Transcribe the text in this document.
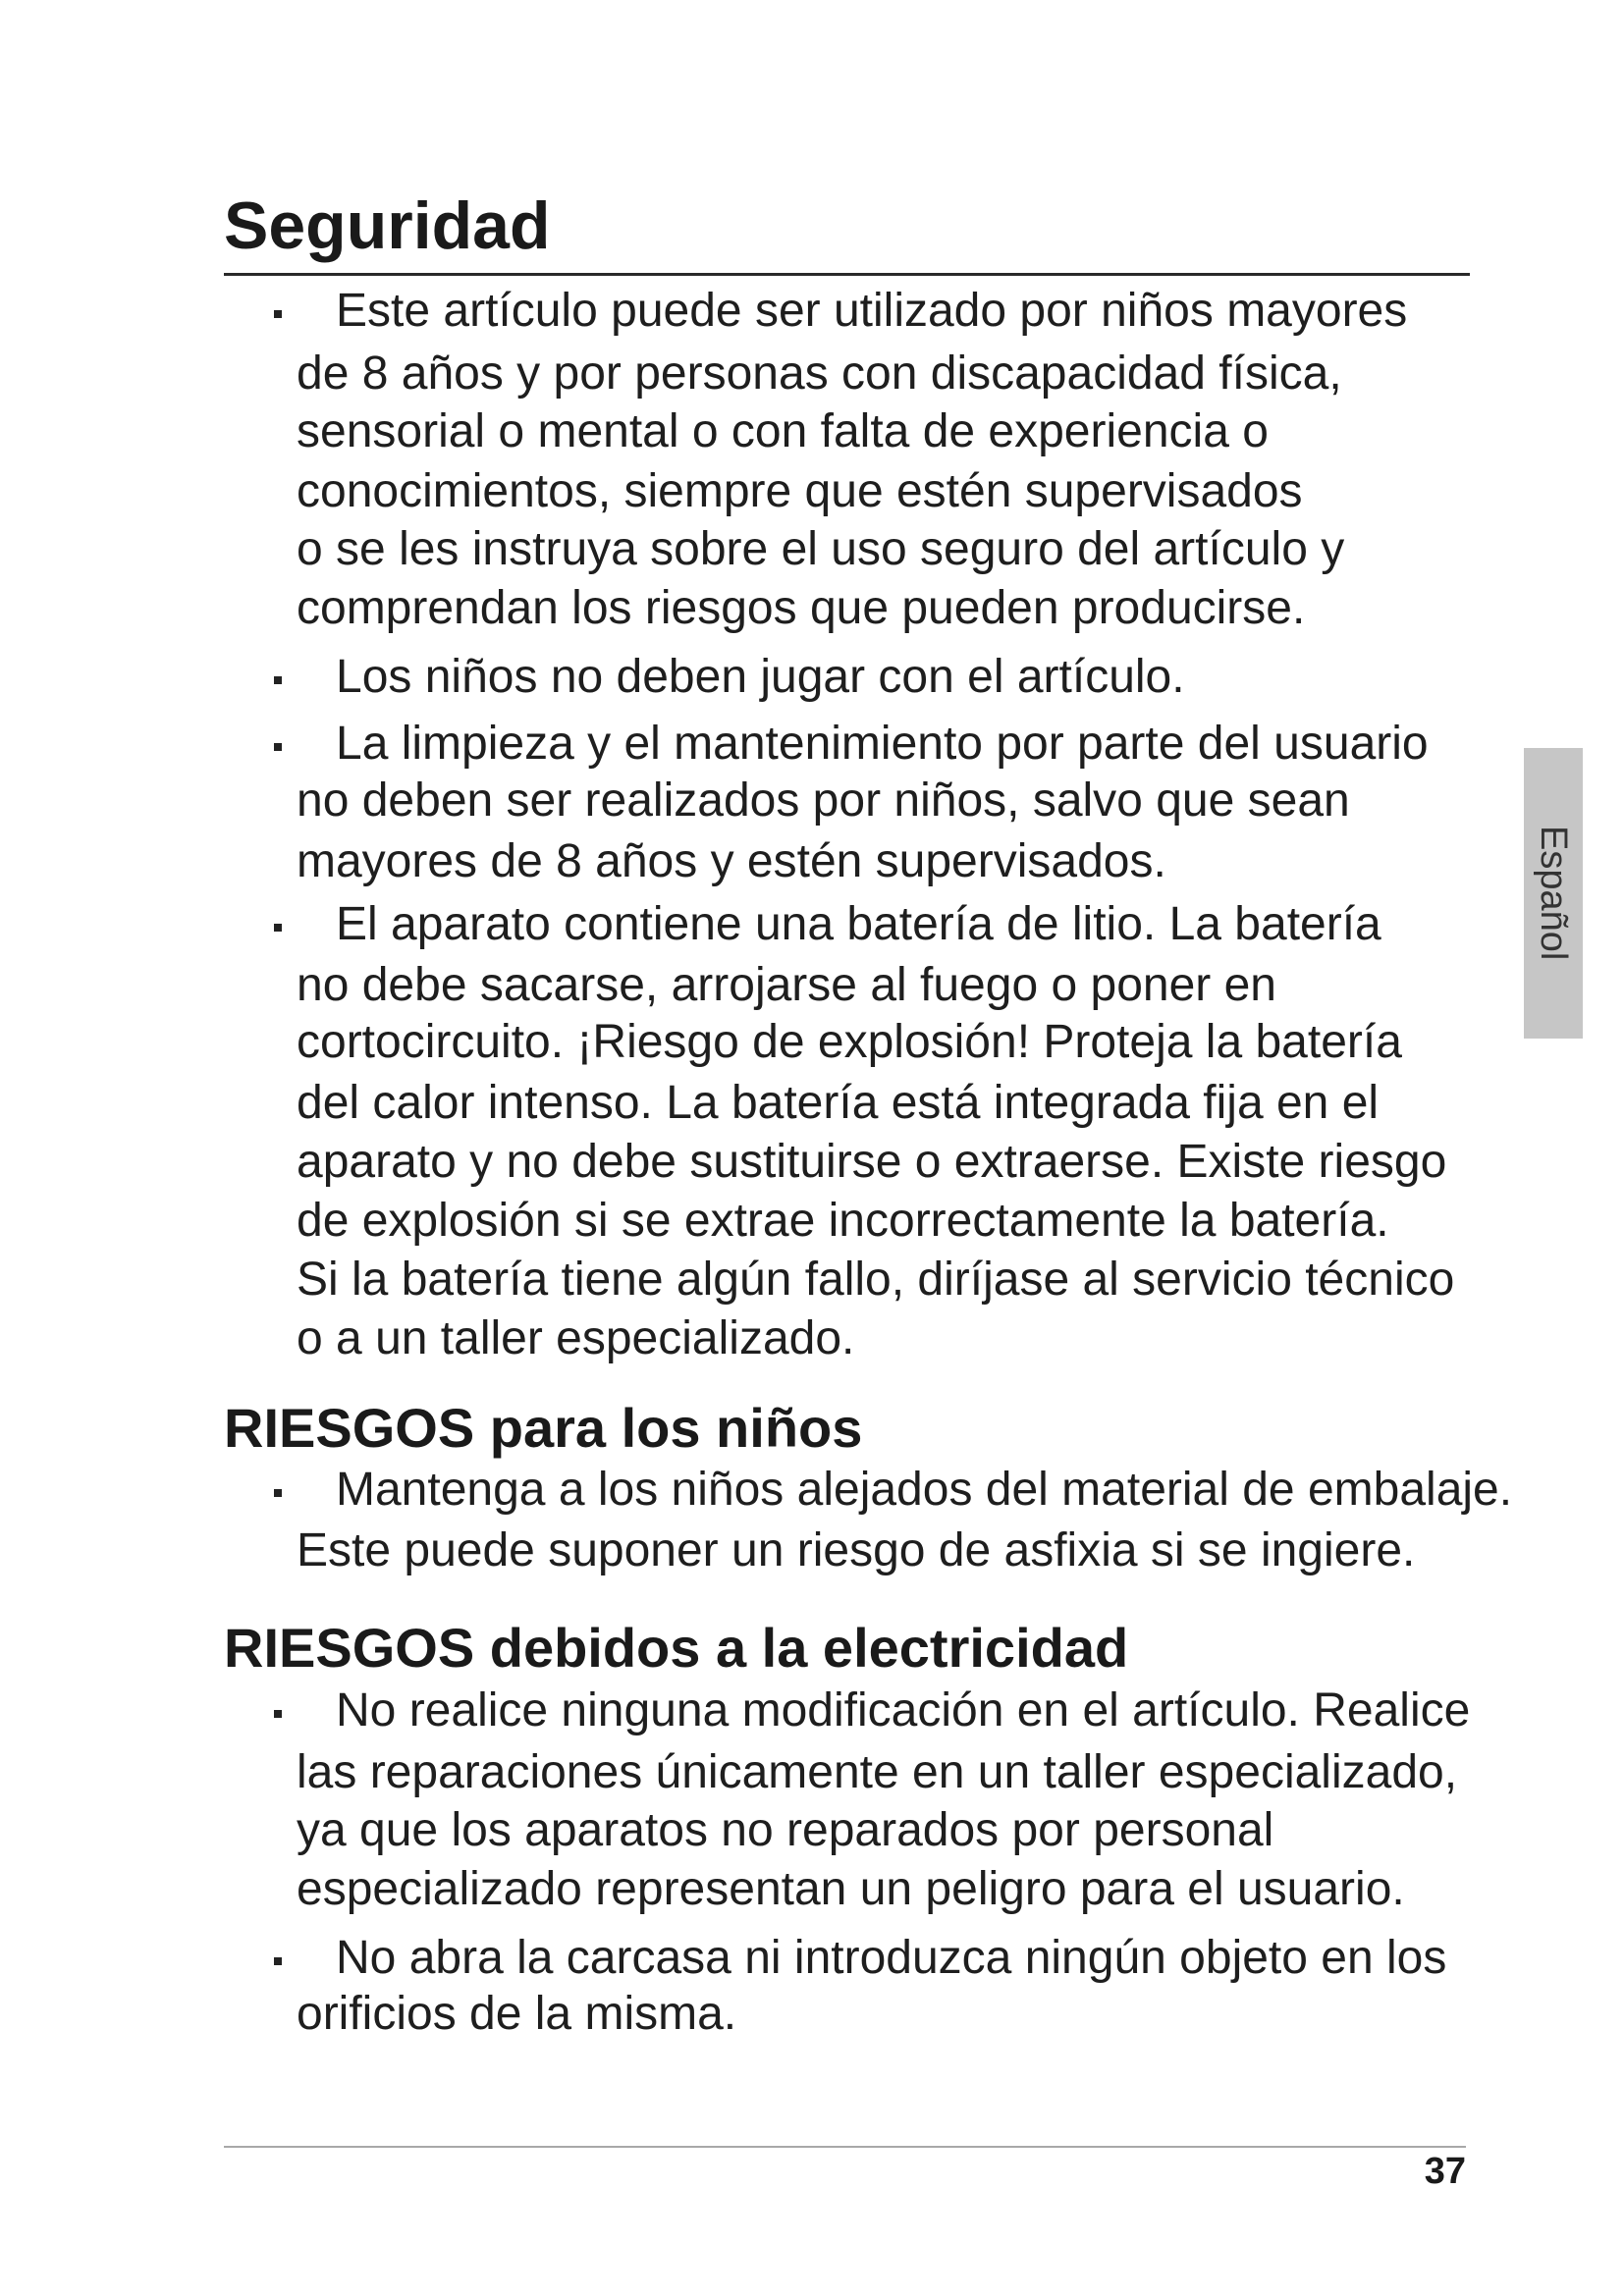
Seguridad
Este artículo puede ser utilizado por niños mayores
de 8 años y por personas con discapacidad física,
sensorial o mental o con falta de experiencia o
conocimientos, siempre que estén supervisados
o se les instruya sobre el uso seguro del artículo y
comprendan los riesgos que pueden producirse.
Los niños no deben jugar con el artículo.
La limpieza y el mantenimiento por parte del usuario
no deben ser realizados por niños, salvo que sean
mayores de 8 años y estén supervisados.
El aparato contiene una batería de litio. La batería
no debe sacarse, arrojarse al fuego o poner en
cortocircuito. ¡Riesgo de explosión! Proteja la batería
del calor intenso. La batería está integrada fija en el
aparato y no debe sustituirse o extraerse. Existe riesgo
de explosión si se extrae incorrectamente la batería.
Si la batería tiene algún fallo, diríjase al servicio técnico
o a un taller especializado.
RIESGOS para los niños
Mantenga a los niños alejados del material de embalaje.
Este puede suponer un riesgo de asfixia si se ingiere.
RIESGOS debidos a la electricidad
No realice ninguna modificación en el artículo. Realice
las reparaciones únicamente en un taller especializado,
ya que los aparatos no reparados por personal
especializado representan un peligro para el usuario.
No abra la carcasa ni introduzca ningún objeto en los
orificios de la misma.
Español
37
